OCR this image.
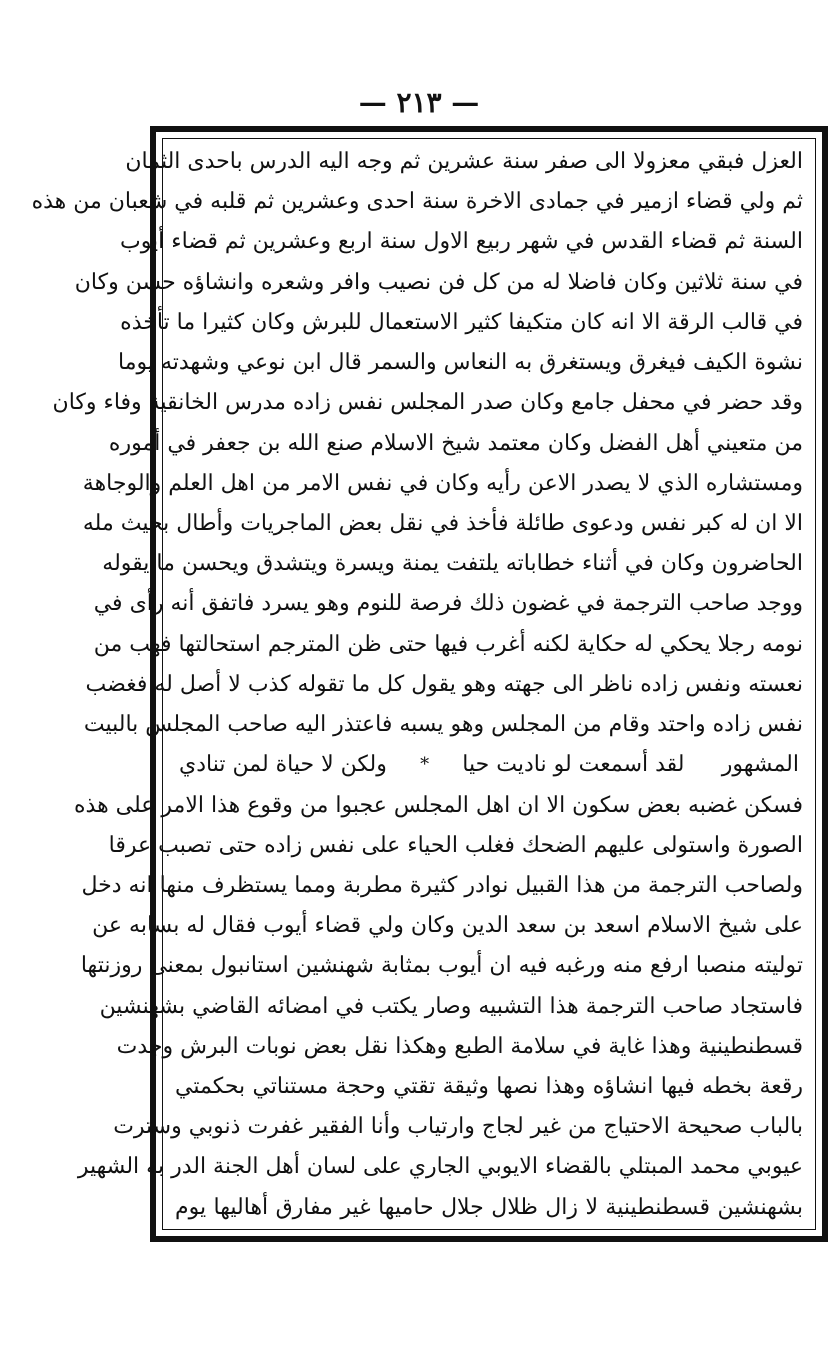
— ٢١٣ —
العزل فبقي معزولا الى صفر سنة عشرين ثم وجه اليه الدرس باحدى الثمان
ثم ولي قضاء ازمير في جمادى الاخرة سنة احدى وعشرين ثم قلبه في شعبان من هذه
السنة ثم قضاء القدس في شهر ربيع الاول سنة اربع وعشرين ثم قضاء أيوب
في سنة ثلاثين وكان فاضلا له من كل فن نصيب وافر وشعره وانشاؤه حسن وكان
في قالب الرقة الا انه كان متكيفا كثير الاستعمال للبرش وكان كثيرا ما تأخذه
نشوة الكيف فيغرق ويستغرق به النعاس والسمر قال ابن نوعي وشهدته يوما
وقد حضر في محفل جامع وكان صدر المجلس نفس زاده مدرس الخانقية وفاء وكان
من متعيني أهل الفضل وكان معتمد شيخ الاسلام صنع الله بن جعفر في أموره
ومستشاره الذي لا يصدر الاعن رأيه وكان في نفس الامر من اهل العلم والوجاهة
الا ان له كبر نفس ودعوى طائلة فأخذ في نقل بعض الماجريات وأطال بحيث مله
الحاضرون وكان في أثناء خطاباته يلتفت يمنة ويسرة ويتشدق ويحسن ما يقوله
ووجد صاحب الترجمة في غضون ذلك فرصة للنوم وهو يسرد فاتفق أنه رأى في
نومه رجلا يحكي له حكاية لكنه أغرب فيها حتى ظن المترجم استحالتها فهب من
نعسته ونفس زاده ناظر الى جهته وهو يقول كل ما تقوله كذب لا أصل له فغضب
نفس زاده واحتد وقام من المجلس وهو يسبه فاعتذر اليه صاحب المجلس بالبيت
المشهور
لقد أسمعت لو ناديت حيا
*
ولكن لا حياة لمن تنادي
فسكن غضبه بعض سكون الا ان اهل المجلس عجبوا من وقوع هذا الامر على هذه
الصورة واستولى عليهم الضحك فغلب الحياء على نفس زاده حتى تصبب عرقا
ولصاحب الترجمة من هذا القبيل نوادر كثيرة مطربة ومما يستظرف منها انه دخل
على شيخ الاسلام اسعد بن سعد الدين وكان ولي قضاء أيوب فقال له بسابه عن
توليته منصبا ارفع منه ورغبه فيه ان أيوب بمثابة شهنشين استانبول بمعنى روزنتها
فاستجاد صاحب الترجمة هذا التشبيه وصار يكتب في امضائه القاضي بشهنشين
قسطنطينية وهذا غاية في سلامة الطبع وهكذا نقل بعض نوبات البرش وجدت
رقعة بخطه فيها انشاؤه وهذا نصها وثيقة تقتي وحجة مستناتي بحكمتي
بالباب صحيحة الاحتياج من غير لجاج وارتياب وأنا الفقير غفرت ذنوبي وسترت
عيوبي محمد المبتلي بالقضاء الايوبي الجاري على لسان أهل الجنة الدر به الشهير
بشهنشين قسطنطينية لا زال ظلال جلال حاميها غير مفارق أهاليها يوم
